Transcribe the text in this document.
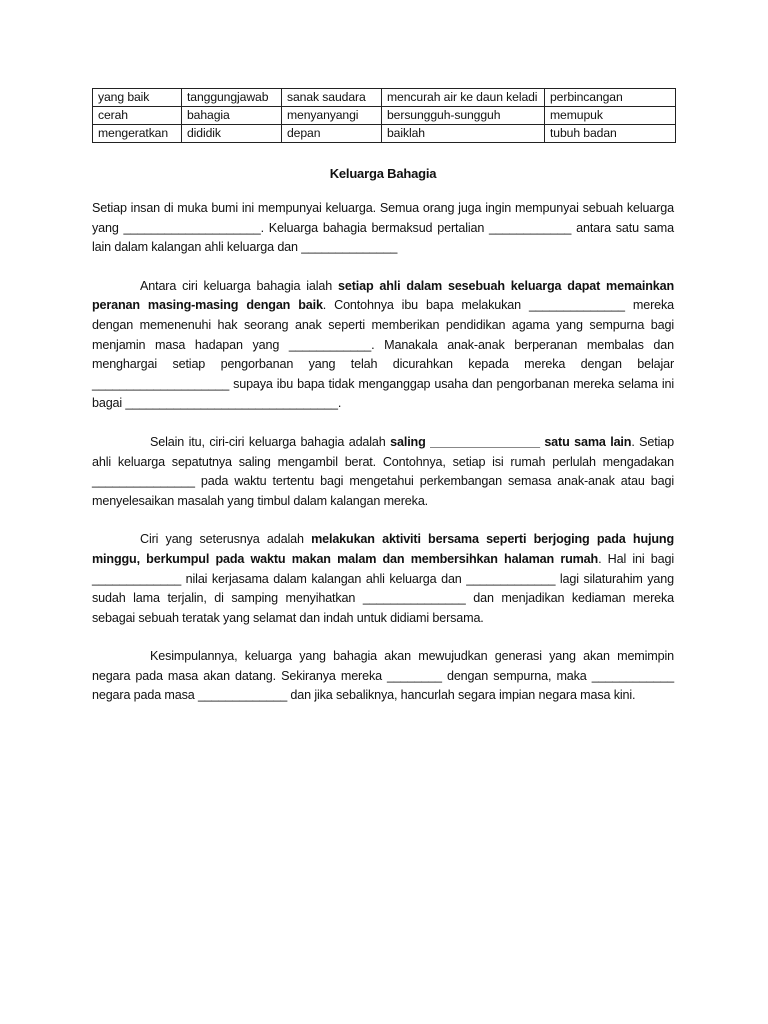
yang baik	tanggungjawab	sanak saudara	mencurah air ke daun keladi	perbincangan
cerah	bahagia	menyanyangi	bersungguh-sungguh	memupuk
mengeratkan	dididik	depan	baiklah	tubuh badan
Keluarga Bahagia

Setiap insan di muka bumi ini mempunyai keluarga. Semua orang juga ingin mempunyai sebuah keluarga yang ____________________. Keluarga bahagia bermaksud pertalian ____________ antara satu sama lain dalam kalangan ahli keluarga dan ______________

Antara ciri keluarga bahagia ialah setiap ahli dalam sesebuah keluarga dapat memainkan peranan masing-masing dengan baik. Contohnya ibu bapa melakukan ______________ mereka dengan memenenuhi hak seorang anak seperti memberikan pendidikan agama yang sempurna bagi menjamin masa hadapan yang ____________. Manakala anak-anak berperanan membalas dan menghargai setiap pengorbanan yang telah dicurahkan kepada mereka dengan belajar ____________________ supaya ibu bapa tidak menganggap usaha dan pengorbanan mereka selama ini bagai _______________________________.

Selain itu, ciri-ciri keluarga bahagia adalah saling ________________ satu sama lain. Setiap ahli keluarga sepatutnya saling mengambil berat. Contohnya, setiap isi rumah perlulah mengadakan _______________ pada waktu tertentu bagi mengetahui perkembangan semasa anak-anak atau bagi menyelesaikan masalah yang timbul dalam kalangan mereka.

Ciri yang seterusnya adalah melakukan aktiviti bersama seperti berjoging pada hujung minggu, berkumpul pada waktu makan malam dan membersihkan halaman rumah. Hal ini bagi _____________ nilai kerjasama dalam kalangan ahli keluarga dan _____________ lagi silaturahim yang sudah lama terjalin, di samping menyihatkan _______________ dan menjadikan kediaman mereka sebagai sebuah teratak yang selamat dan indah untuk didiami bersama.

Kesimpulannya, keluarga yang bahagia akan mewujudkan generasi yang akan memimpin negara pada masa akan datang. Sekiranya mereka ________ dengan sempurna, maka ____________ negara pada masa _____________ dan jika sebaliknya, hancurlah segara impian negara masa kini.
